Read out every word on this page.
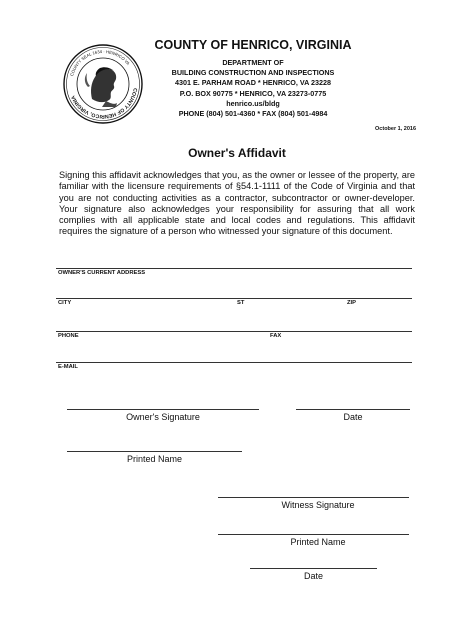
COUNTY OF HENRICO, VIRGINIA
COUNTY SEAL 1634 · HENRICO VA
COUNTY OF HENRICO, VIRGINIA
DEPARTMENT OF
BUILDING CONSTRUCTION AND INSPECTIONS
4301 E. PARHAM ROAD * HENRICO, VA 23228
P.O. BOX 90775 * HENRICO, VA 23273-0775
henrico.us/bldg
PHONE (804) 501-4360 * FAX (804) 501-4984
October 1, 2016
Owner's Affidavit
Signing this affidavit acknowledges that you, as the owner or lessee of the property, are familiar with the licensure requirements of §54.1-1111 of the Code of Virginia and that you are not conducting activities as a contractor, subcontractor or owner-developer. Your signature also acknowledges your responsibility for assuring that all work complies with all applicable state and local codes and regulations. This affidavit requires the signature of a person who witnessed your signature of this document.
OWNER'S CURRENT ADDRESS
CITY	ST	ZIP
PHONE	FAX
E-MAIL
Owner's Signature	Date
Printed Name
Witness Signature
Printed Name
Date
